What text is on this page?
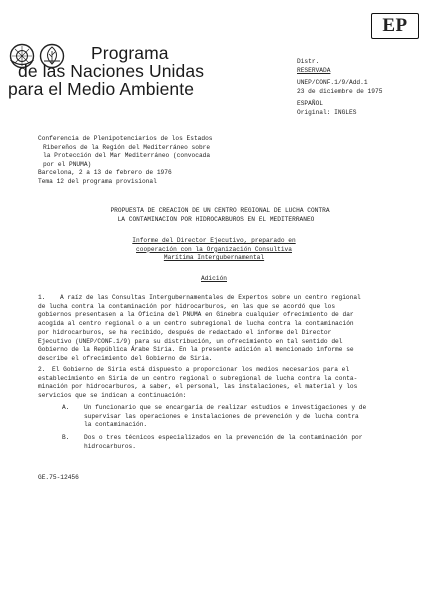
Programa
de las Naciones Unidas
para el Medio Ambiente
EP
Distr.
RESERVADA
UNEP/CONF.1/9/Add.1
23 de diciembre de 1975
ESPAÑOL
Original: INGLES
Conferencia de Plenipotenciarios de los Estados
Ribereños de la Región del Mediterráneo sobre
la Protección del Mar Mediterráneo (convocada
por el PNUMA)
Barcelona, 2 a 13 de febrero de 1976
Tema 12 del programa provisional
PROPUESTA DE CREACION DE UN CENTRO REGIONAL DE LUCHA CONTRA
LA CONTAMINACION POR HIDROCARBUROS EN EL MEDITERRANEO
Informe del Director Ejecutivo, preparado en
cooperación con la Organización Consultiva
Marítima Intergubernamental
Adición
1. A raíz de las Consultas Intergubernamentales de Expertos sobre un centro regional
de lucha contra la contaminación por hidrocarburos, en las que se acordó que los
gobiernos presentasen a la Oficina del PNUMA en Ginebra cualquier ofrecimiento de dar
acogida al centro regional o a un centro subregional de lucha contra la contaminación
por hidrocarburos, se ha recibido, después de redactado el informe del Director
Ejecutivo (UNEP/CONF.1/9) para su distribución, un ofrecimiento en tal sentido del
Gobierno de la República Árabe Siria. En la presente adición al mencionado informe se
describe el ofrecimiento del Gobierno de Siria.
2. El Gobierno de Siria está dispuesto a proporcionar los medios necesarios para el
establecimiento en Siria de un centro regional o subregional de lucha contra la conta-
minación por hidrocarburos, a saber, el personal, las instalaciones, el material y los
servicios que se indican a continuación:
A. Un funcionario que se encargaría de realizar estudios e investigaciones y de
supervisar las operaciones e instalaciones de prevención y de lucha contra
la contaminación.
B. Dos o tres técnicos especializados en la prevención de la contaminación por
hidrocarburos.
GE.75-12456
